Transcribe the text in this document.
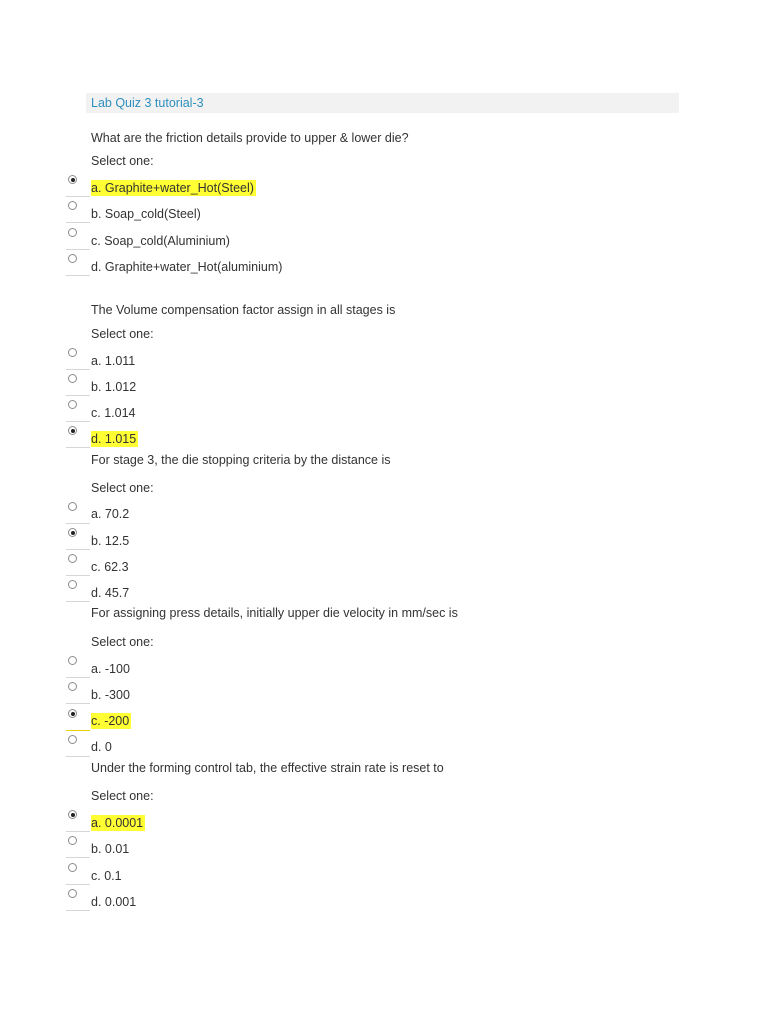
Lab Quiz 3 tutorial-3
What are the friction details provide to upper & lower die?
Select one:
a. Graphite+water_Hot(Steel)
b. Soap_cold(Steel)
c. Soap_cold(Aluminium)
d. Graphite+water_Hot(aluminium)
The Volume compensation factor assign in all stages is
Select one:
a. 1.011
b. 1.012
c. 1.014
d. 1.015
For stage 3, the die stopping criteria by the distance is
Select one:
a. 70.2
b. 12.5
c. 62.3
d. 45.7
For assigning press details, initially upper die velocity in mm/sec is
Select one:
a. -100
b. -300
c. -200
d. 0
Under the forming control tab, the effective strain rate is reset to
Select one:
a. 0.0001
b. 0.01
c. 0.1
d. 0.001
